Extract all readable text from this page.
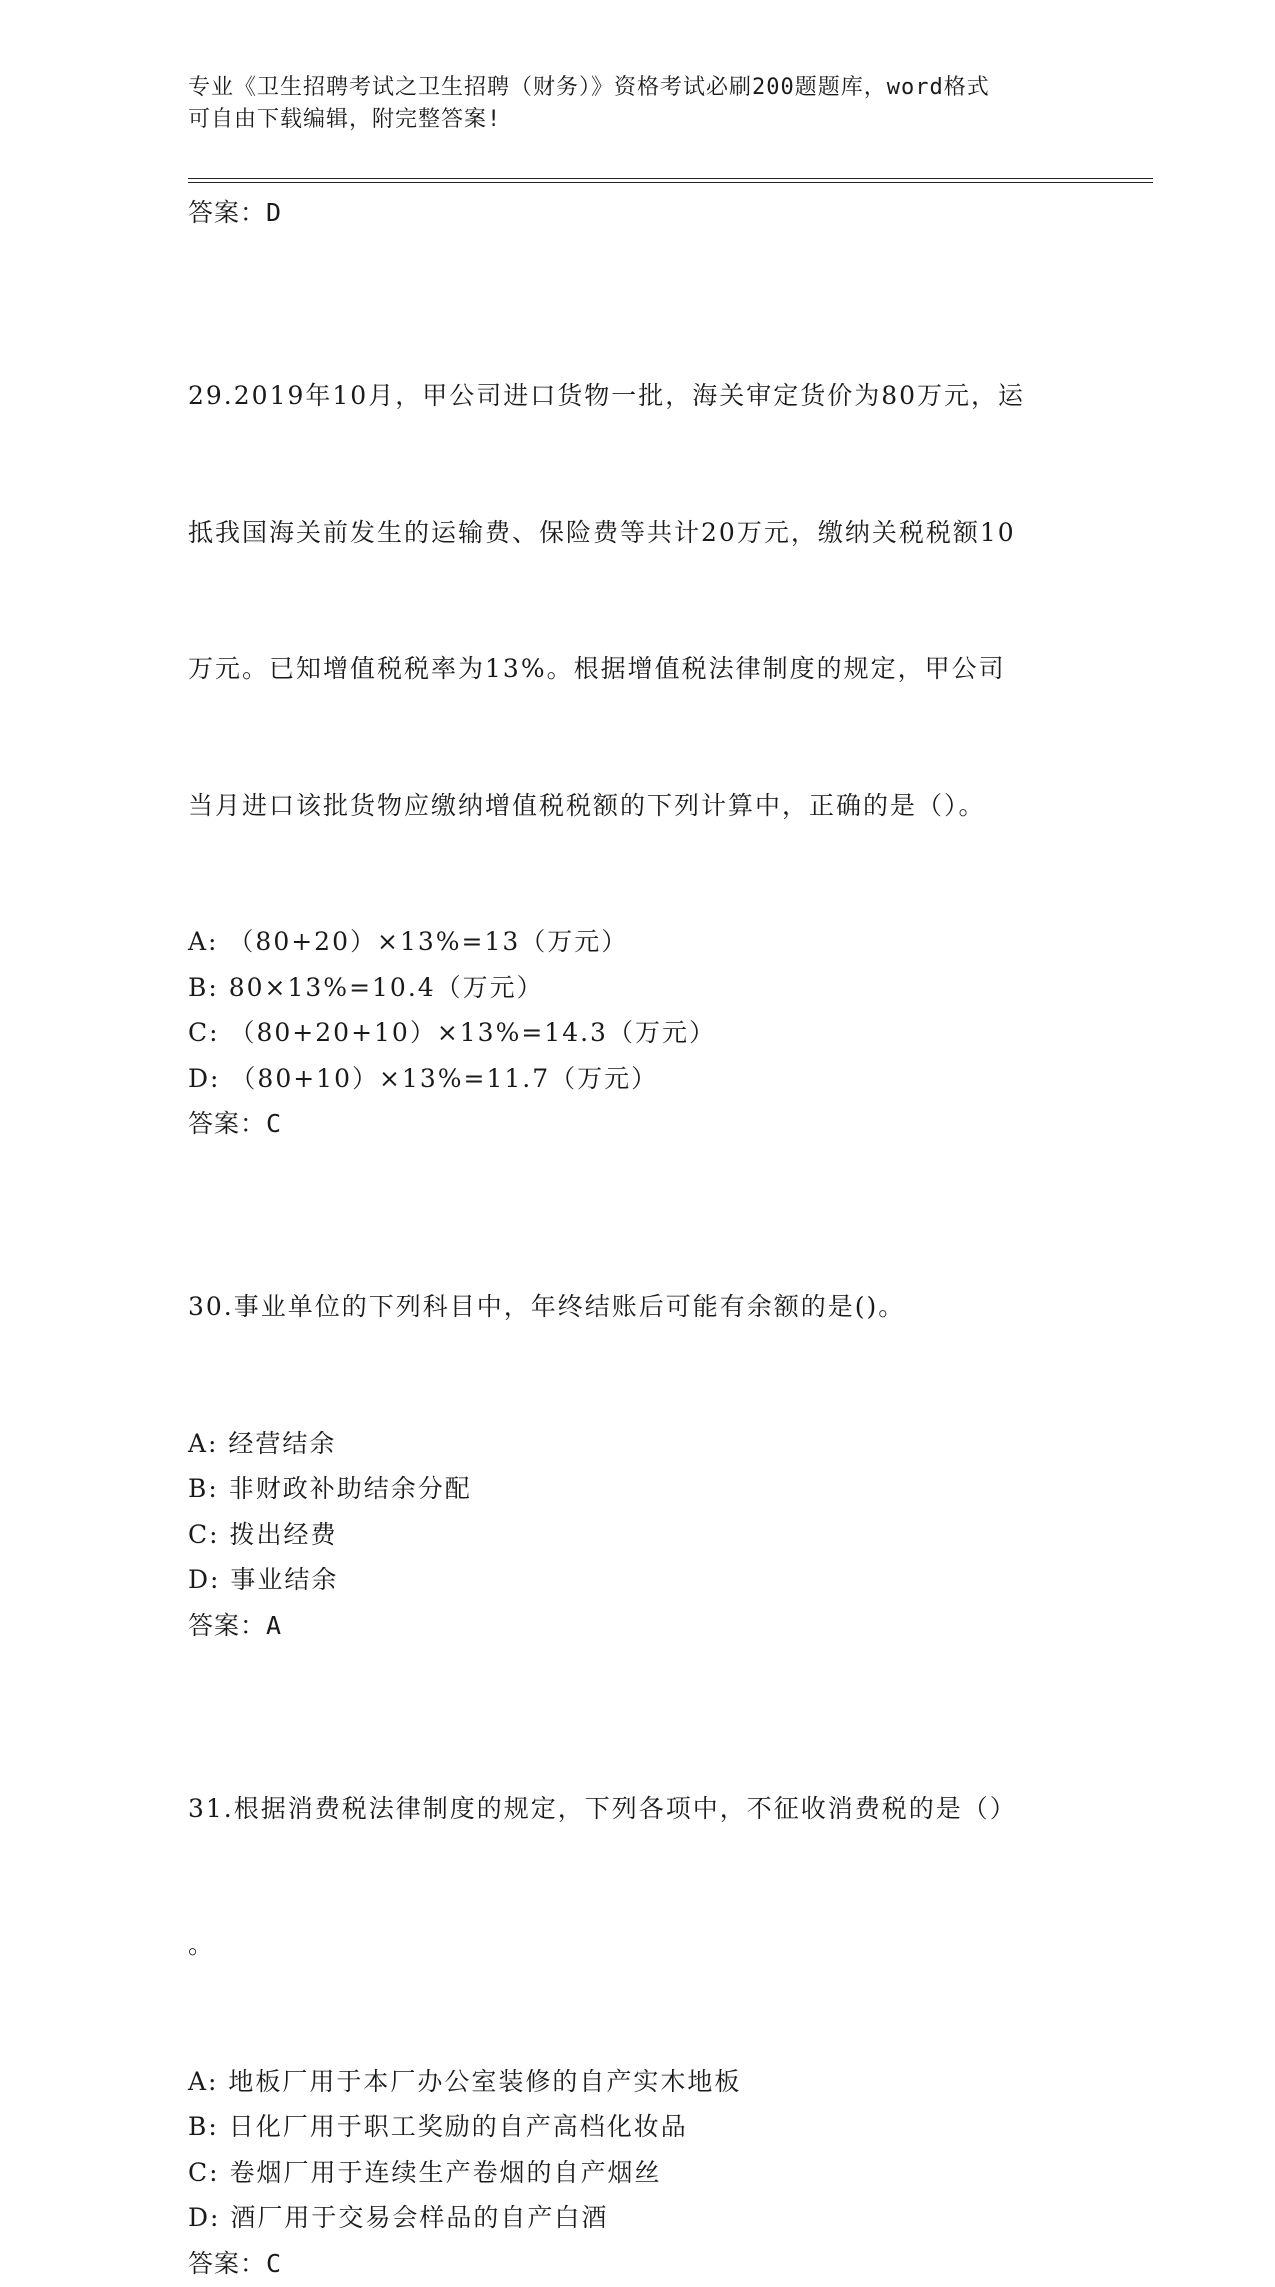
专业《卫生招聘考试之卫生招聘（财务）》资格考试必刷200题题库，word格式
可自由下载编辑，附完整答案!
答案：D

29.2019年10月，甲公司进口货物一批，海关审定货价为80万元，运

抵我国海关前发生的运输费、保险费等共计20万元，缴纳关税税额10

万元。已知增值税税率为13%。根据增值税法律制度的规定，甲公司

当月进口该批货物应缴纳增值税税额的下列计算中，正确的是（）。

A: （80+20）×13%=13（万元）
B: 80×13%=10.4（万元）
C: （80+20+10）×13%=14.3（万元）
D: （80+10）×13%=11.7（万元）
答案：C

30.事业单位的下列科目中，年终结账后可能有余额的是()。

A: 经营结余
B: 非财政补助结余分配
C: 拨出经费
D: 事业结余
答案：A

31.根据消费税法律制度的规定，下列各项中，不征收消费税的是（）

。

A: 地板厂用于本厂办公室装修的自产实木地板
B: 日化厂用于职工奖励的自产高档化妆品
C: 卷烟厂用于连续生产卷烟的自产烟丝
D: 酒厂用于交易会样品的自产白酒
答案：C
